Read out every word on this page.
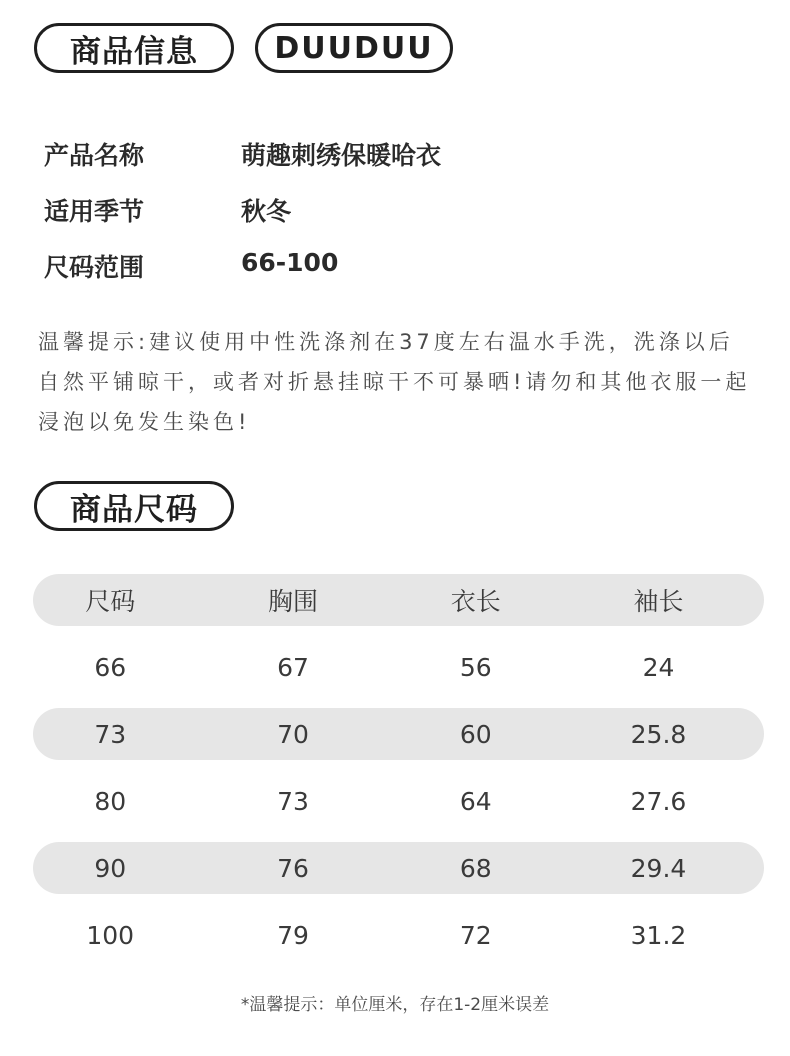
商品信息	DUUDUU
产品名称	萌趣刺绣保暖哈衣
适用季节	秋冬
尺码范围	66-100
温馨提示:建议使用中性洗涤剂在37度左右温水手洗，洗涤以后自然平铺晾干，或者对折悬挂晾干不可暴晒!请勿和其他衣服一起浸泡以免发生染色!
商品尺码
尺码	胸围	衣长	袖长
66	67	56	24
73	70	60	25.8
80	73	64	27.6
90	76	68	29.4
100	79	72	31.2
*温馨提示：单位厘米，存在1-2厘米误差
